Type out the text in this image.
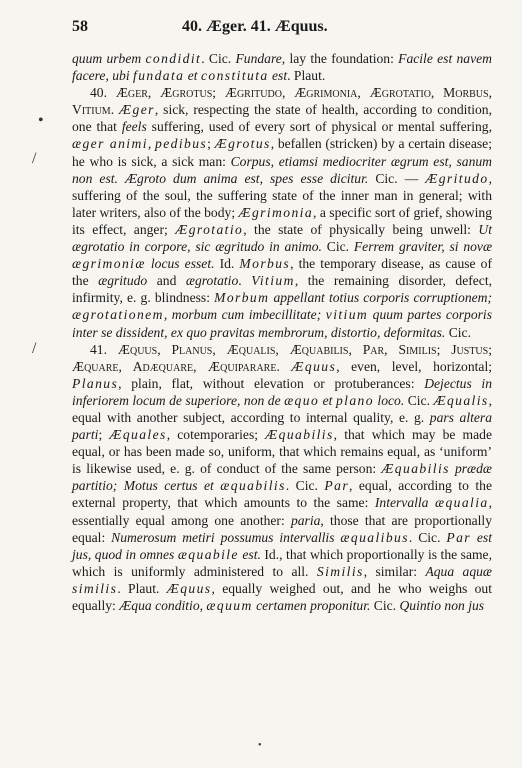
58	40. Æger. 41. Æquus.

quum urbem condidit. Cic. Fundare, lay the foundation: Facile est navem facere, ubi fundata et constituta est. Plaut.

40. Æger, Ægrotus; Ægritudo, Ægrimonia, Ægrotatio, Morbus, Vitium. Æger, sick, respecting the state of health, according to condition, one that feels suffering, used of every sort of physical or mental suffering, æger animi, pedibus; Ægrotus, befallen (stricken) by a certain disease; he who is sick, a sick man: Corpus, etiamsi mediocriter ægrum est, sanum non est. Ægroto dum anima est, spes esse dicitur. Cic. — Ægritudo, suffering of the soul, the suffering state of the inner man in general; with later writers, also of the body; Ægrimonia, a specific sort of grief, showing its effect, anger; Ægrotatio, the state of physically being unwell: Ut ægrotatio in corpore, sic ægritudo in animo. Cic. Ferrem graviter, si novæ ægrimoniæ locus esset. Id. Morbus, the temporary disease, as cause of the ægritudo and ægrotatio. Vitium, the remaining disorder, defect, infirmity, e. g. blindness: Morbum appellant totius corporis corruptionem; ægrotationem, morbum cum imbecillitate; vitium quum partes corporis inter se dissident, ex quo pravitas membrorum, distortio, deformitas. Cic.

41. Æquus, Planus, Æqualis, Æquabilis, Par, Similis; Justus; Æquare, Adæquare, Æquiparare. Æquus, even, level, horizontal; Planus, plain, flat, without elevation or protuberances: Dejectus in inferiorem locum de superiore, non de æquo et plano loco. Cic. Æqualis, equal with another subject, according to internal quality, e. g. pars altera parti; Æquales, cotemporaries; Æquabilis, that which may be made equal, or has been made so, uniform, that which remains equal, as ‘uniform’ is likewise used, e. g. of conduct of the same person: Æquabilis prædæ partitio; Motus certus et æquabilis. Cic. Par, equal, according to the external property, that which amounts to the same: Intervalla æqualia, essentially equal among one another: paria, those that are proportionally equal: Numerosum metiri possumus intervallis æqualibus. Cic. Par est jus, quod in omnes æquabile est. Id., that which proportionally is the same, which is uniformly administered to all. Similis, similar: Aqua aquæ similis. Plaut. Æquus, equally weighed out, and he who weighs out equally: Æqua conditio, æquum certamen proponitur. Cic. Quintio non jus

•
/
/
•
